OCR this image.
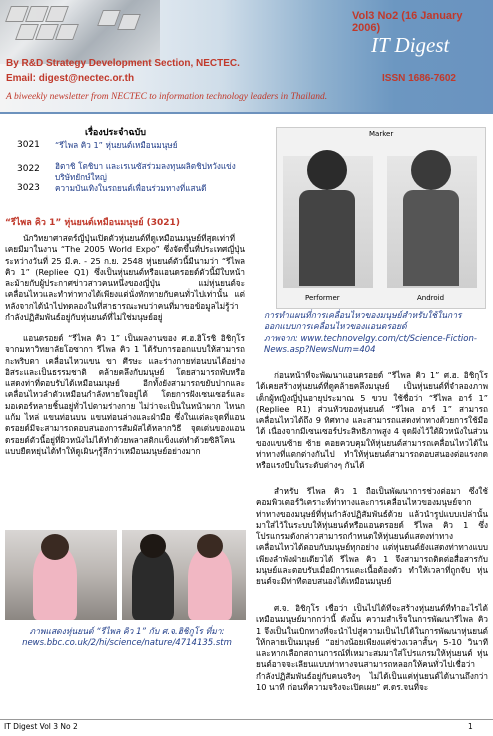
Vol3 No2 (16 January 2006)
IT Digest
By R&D Strategy Development Section, NECTEC.
Email: digest@nectec.or.th	ISSN 1686-7602
A biweekly newsletter from NECTEC to information technology leaders in Thailand.
เรื่องประจำฉบับ
3021 “รีไพล คิว 1” หุ่นยนต์เหมือนมนุษย์
3022 ฮิตาชิ โตชิบา และเรเนซัสร่วมลงทุนผลิตชิปหวังแข่งบริษัทยักษ์ใหญ่
3023 ความบันเทิงในรถยนต์เพื่อนร่วมทางที่แสนดี
“รีไพล คิว 1” หุ่นยนต์เหมือนมนุษย์ (3021)
นักวิทยาศาสตร์ญี่ปุ่นเปิดตัวหุ่นยนต์ที่ดูเหมือนมนุษย์ที่สุดเท่าที่เคยมีมาในงาน “The 2005 World Expo” ซึ่งจัดขึ้นที่ประเทศญี่ปุ่นระหว่างวันที่ 25 มี.ค. - 25 ก.ย. 2548 หุ่นยนต์ตัวนี้มีนามว่า “รีไพล คิว 1” (Repliee Q1) ซึ่งเป็นหุ่นยนต์หรือแอนดรอยด์ตัวนี้มีใบหน้าละม้ายกับผู้ประกาศข่าวสาวคนหนึ่งของญี่ปุ่น แม่หุ่นยนต์จะเคลื่อนไหวและทำท่าทางได้เพียงแต่นั่งทักทายกับคนทั่วไปเท่านั้น แต่หลังจากได้นำไปทดลองในที่สาธารณะพบว่าคนที่มาขอข้อมูลไม่รู้ว่ากำลังปฏิสัมพันธ์อยู่กับหุ่นยนต์ที่ไม่ใช่มนุษย์อยู่
แอนดรอยด์ “รีไพล คิว 1” เป็นผลงานของ ศ.ฮ.ฮิโรชิ อิชิกุโร จากมหาวิทยาลัยโอซากา รีไพล คิว 1 ได้รับการออกแบบให้สามารถกะพริบตา เคลื่อนไหวแขน ขา ศีรษะ และร่างกายท่อนบนได้อย่างอิสระและเป็นธรรมชาติ คล้ายคลึงกับมนุษย์ โดยสามารถพับหรือแสดงท่าที่ตอบรับได้เหมือนมนุษย์ อีกทั้งยังสามารถขยับปากและเคลื่อนไหวลำตัวเหมือนกำลังหายใจอยู่ได้ โดยการฝังเซนเซอร์และมอเตอร์หลายชิ้นอยู่ทั่วไปตามร่างกาย ไม่ว่าจะเป็นในหน้าผาก ไหนกแก้ม ไหล่ แขนท่อนบน แขนท่อนล่างและฝ่ามือ ซึ่งในแต่ละจุดที่แอนดรอยด์มีจะสามารถตอบสนองการสัมผัสได้หลากวิธี จุดเด่นของแอนดรอยด์ตัวนี้อยู่ที่ผิวหนังไม่ได้ทำด้วยพลาสติกแข็งแต่ทำด้วยซิลิโคนแบบยืดหยุ่นได้ทำให้ดูเผินๆรู้สึกว่าเหมือนมนุษย์อย่างมาก
ภาพแสดงหุ่นยนต์ “รีไพล คิว 1” กับ ศ.จ.ฮิชิกูโร ที่มา: news.bbc.co.uk/2/hi/science/nature/4714135.stm
Marker
Performer	Android
การทำแผนที่การเคลื่อนไหวของมนุษย์สำหรับใช้ในการออกแบบการเคลื่อนไหวของแอนดรอยด์
ภาพจาก: www.technovelgy.com/ct/Science-Fiction-News.asp?NewsNum=404
ก่อนหน้าที่จะพัฒนาแอนดรอยด์ “รีไพล คิว 1” ศ.ฮ. อิชิกุโร ได้เคยสร้างหุ่นยนต์ที่ดูคล้ายคลึงมนุษย์ เป็นหุ่นยนต์ที่จำลองภาพเด็กผู้หญิงญี่ปุ่นอายุประมาณ 5 ขวบ ใช้ชื่อว่า “รีไพล อาร์ 1” (Repliee R1) ส่วนหัวของหุ่นยนต์ “รีไพล อาร์ 1” สามารถเคลื่อนไหวได้ถึง 9 ทิศทาง และสามารถแสดงท่าทางด้วยการใช้มือได้ เนื่องจากมีเซนเซอร์ประสิทธิภาพสูง 4 จุดฝังไว้ใต้ผิวหนังในส่วนของแขนซ้าย ซ้าย คอยควบคุมให้หุ่นยนต์สามารถเคลื่อนไหวได้ในท่าทางที่แตกต่างกันไป ทำให้หุ่นยนต์สามารถตอบสนองต่อแรงกดหรือแรงบีบในระดับต่างๆ กันได้
สำหรับ รีไพล คิว 1 ถือเป็นพัฒนาการช่วงต่อมา ซึ่งใช้คอมพิวเตอร์วิเคราะห์ท่าทางและการเคลื่อนไหวของมนุษย์จากท่าทางของมนุษย์ที่หุ่นกำลังปฏิสัมพันธ์ด้วย แล้วนำรูปแบบเปล่านั้นมาใส่ไว้ในระบบให้หุ่นยนต์หรือแอนดรอยด์ รีไพล คิว 1 ซึ่งโปรแกรมดังกล่าวสามารถกำหนดให้หุ่นยนต์แสดงท่าทางเคลื่อนไหวได้ตอบกับมนุษย์ทุกอย่าง แต่หุ่นยนต์ยังแสดงท่าทางแบบเพียงลำพังฝ่ายเดียวได้ รีไพล คิว 1 จึงสามารถติดต่อสื่อสารกับมนุษย์และตอบรับเมื่อมีการแตะเนื้อต้องตัว ทำให้เวลาที่ถูกจับ หุ่นยนต์จะมีท่าทีตอบสนองได้เหมือนมนุษย์
ศ.จ. อิชิกุโร เชื่อว่า เป็นไปได้ที่จะสร้างหุ่นยนต์ที่ทำอะไรได้เหมือนมนุษย์มากกว่านี้ ดังนั้น ความสำเร็จในการพัฒนารีไพล คิว 1 จึงเป็นในเบิกทางที่จะนำไปสู่ความเป็นไปได้ในการพัฒนาหุ่นยนต์ให้กลายเป็นมนุษย์ “อย่างน้อยเพียงแค่ช่วงเวลาสั้นๆ 5-10 วินาที และหากเลือกสถานการณ์ที่เหมาะสมมาใส่โปรแกรมให้หุ่นยนต์ หุ่นยนต์อาจจะเลียนแบบท่าทางจนสามารถหลอกให้คนทั่วไปเชื่อว่ากำลังปฏิสัมพันธ์อยู่กับคนจริงๆ ไม่ได้เป็นแค่หุ่นยนต์ได้นานถึงกว่า 10 นาที ก่อนที่ความจริงจะเปิดเผย” ศ.ดร.จนที่จะ
IT Digest Vol 3 No 2	1
